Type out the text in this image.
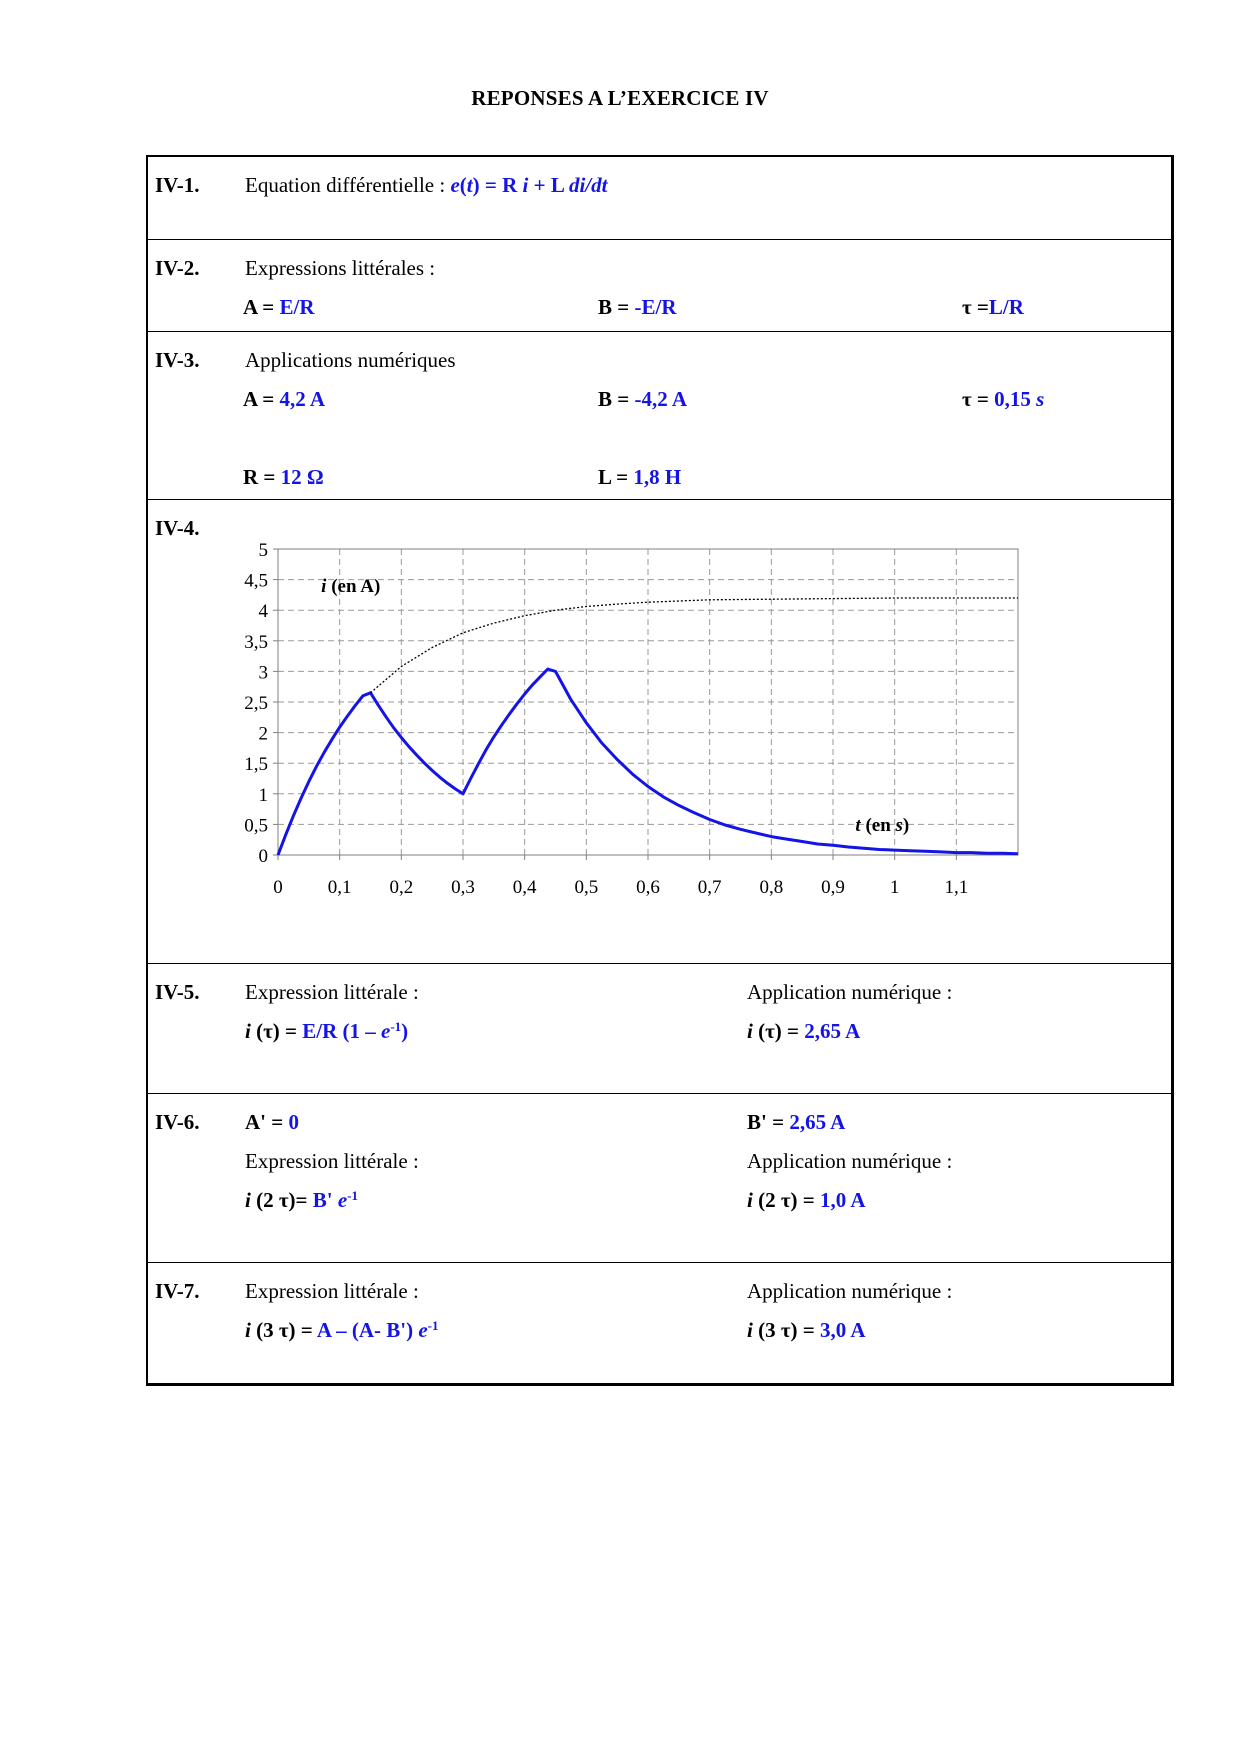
REPONSES A L’EXERCICE IV
IV-1. Equation différentielle : e(t) = R i + L di/dt
IV-2. Expressions littérales :
A = E/R	B = -E/R	τ =L/R
IV-3. Applications numériques
A = 4,2 A	B = -4,2 A	τ = 0,15 s
R = 12 Ω	L = 1,8 H
IV-4.
0
0,5
1
1,5
2
2,5
3
3,5
4
4,5
5
0 0,1 0,2 0,3 0,4 0,5 0,6 0,7 0,8 0,9 1 1,1
i (en A)
t (en s)
IV-5. Expression littérale :
i (τ) = E/R $(1 - e^{-1})$
Application numérique :
i (τ) = 2,65 A
IV-6. A' = 0	B' = 2,65 A
Expression littérale :
i (2 τ)= B' $e^{-1}$
Application numérique :
i (2 τ) = 1,0 A
IV-7. Expression littérale :
i (3 τ) = A – (A- B') $e^{-1}$
Application numérique :
i (3 τ) = 3,0 A
